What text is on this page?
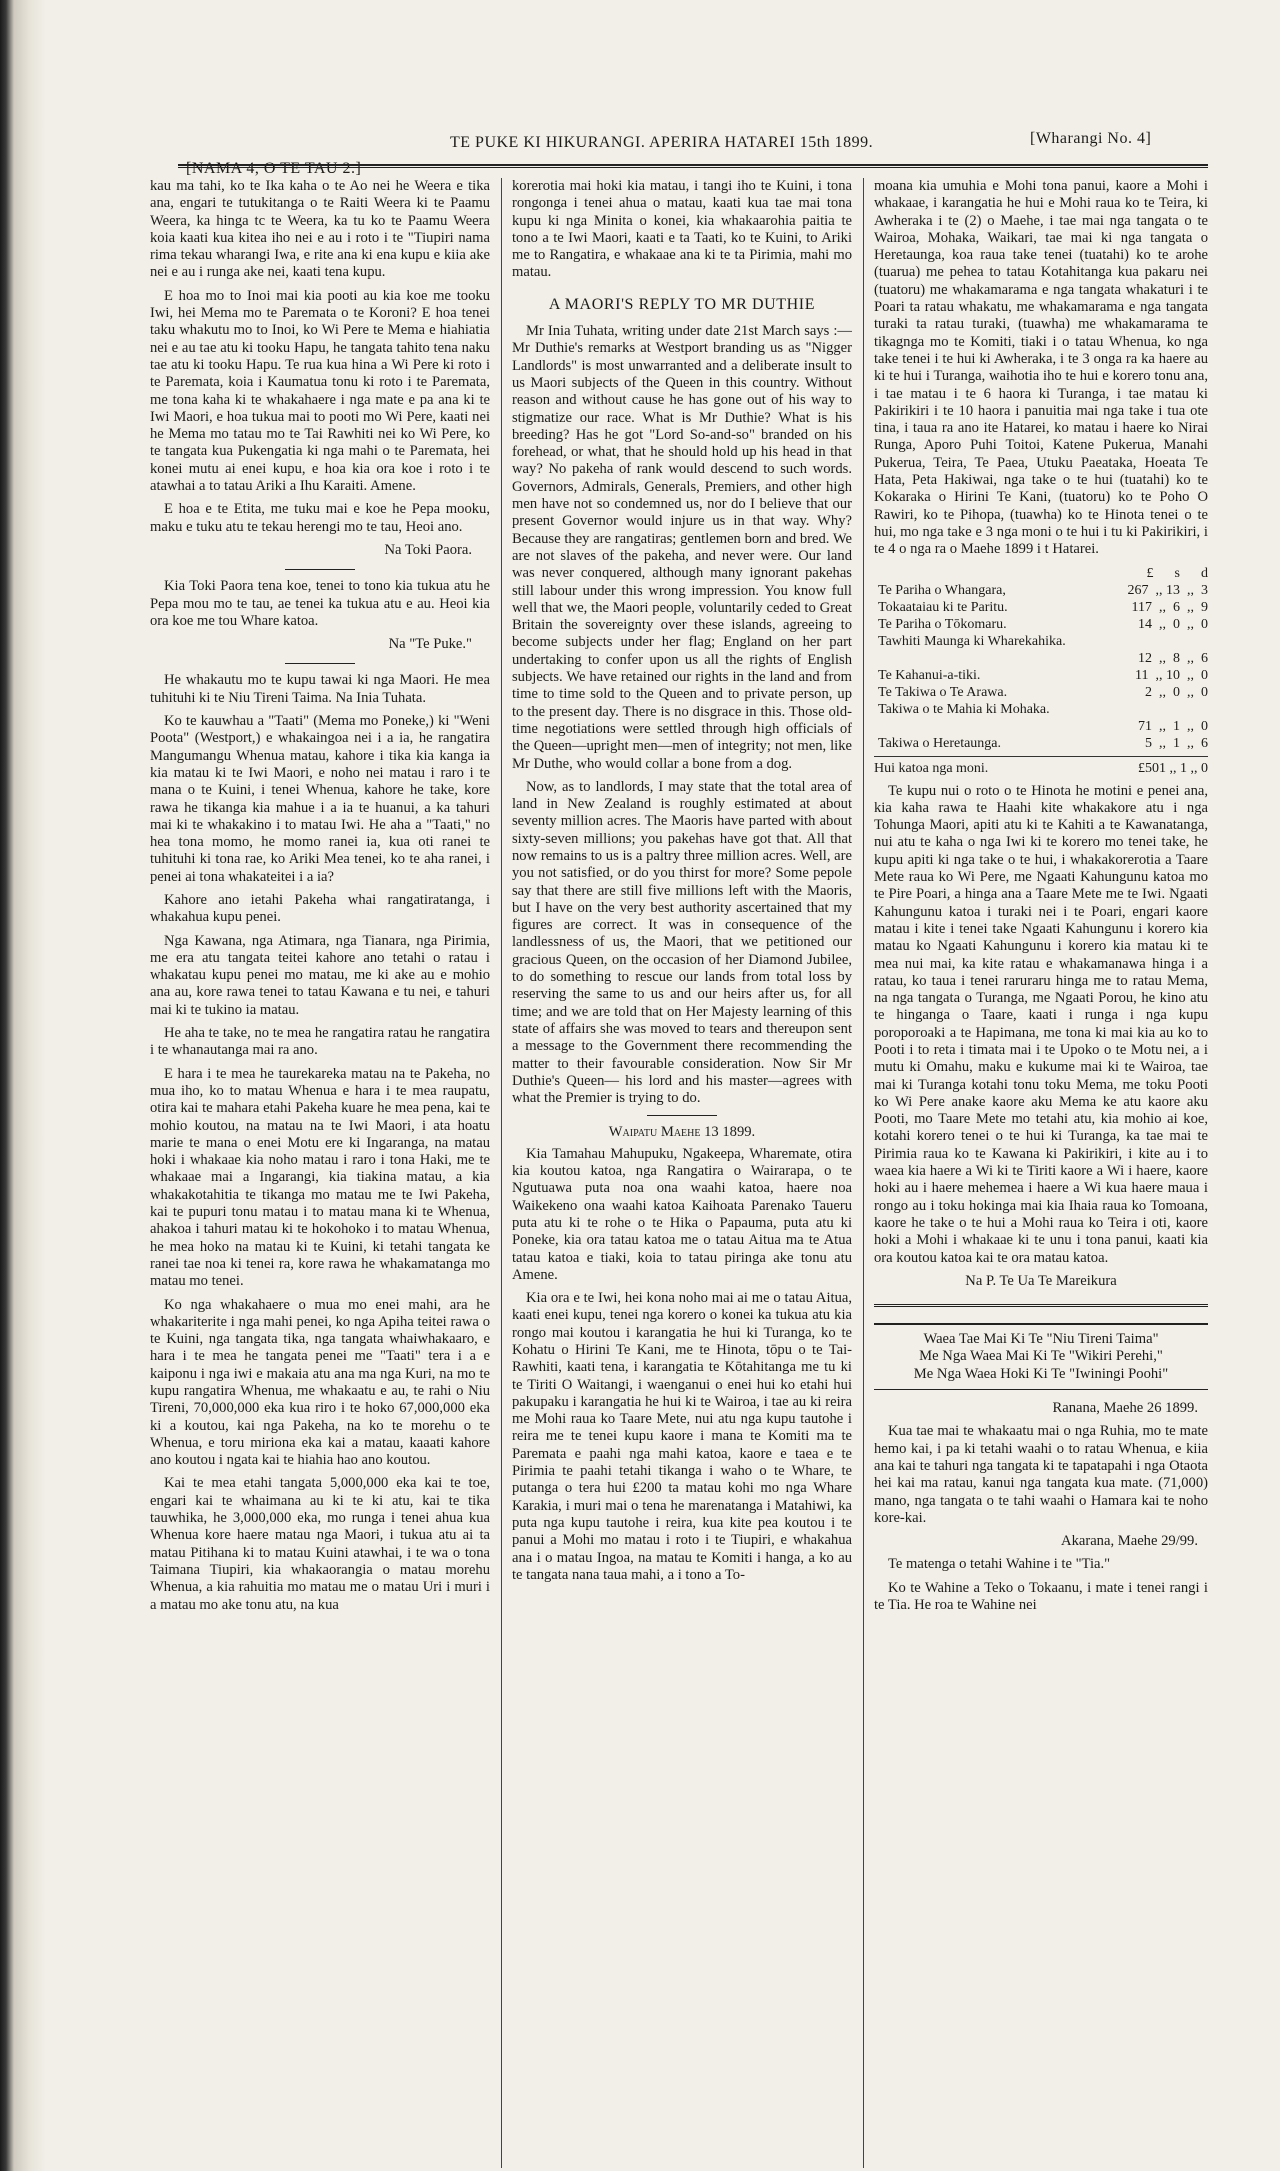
[NAMA 4, O TE TAU 2.]
TE PUKE KI HIKURANGI. APERIRA HATAREI 15th 1899.	[Wharangi No. 4]

kau ma tahi, ko te Ika kaha o te Ao nei he Weera e tika ana, engari te tutukitanga o te Raiti Weera ki te Paamu Weera, ka hinga tc te Weera, ka tu ko te Paamu Weera koia kaati kua kitea iho nei e au i roto i te "Tiupiri nama rima tekau wharangi Iwa, e rite ana ki ena kupu e kiia ake nei e au i runga ake nei, kaati tena kupu.

E hoa mo to Inoi mai kia pooti au kia koe me tooku Iwi, hei Mema mo te Paremata o te Koroni? E hoa tenei taku whakutu mo to Inoi, ko Wi Pere te Mema e hiahiatia nei e au tae atu ki tooku Hapu, he tangata tahito tena naku tae atu ki tooku Hapu. Te rua kua hina a Wi Pere ki roto i te Paremata, koia i Kaumatua tonu ki roto i te Paremata, me tona kaha ki te whakahaere i nga mate e pa ana ki te Iwi Maori, e hoa tukua mai to pooti mo Wi Pere, kaati nei he Mema mo tatau mo te Tai Rawhiti nei ko Wi Pere, ko te tangata kua Pukengatia ki nga mahi o te Paremata, hei konei mutu ai enei kupu, e hoa kia ora koe i roto i te atawhai a to tatau Ariki a Ihu Karaiti. Amene.

E hoa e te Etita, me tuku mai e koe he Pepa mooku, maku e tuku atu te tekau herengi mo te tau, Heoi ano.

Na Toki Paora.

Kia Toki Paora tena koe, tenei to tono kia tukua atu he Pepa mou mo te tau, ae tenei ka tukua atu e au. Heoi kia ora koe me tou Whare katoa.

Na "Te Puke."

He whakautu mo te kupu tawai ki nga Maori. He mea tuhituhi ki te Niu Tireni Taima. Na Inia Tuhata.

Ko te kauwhau a "Taati" (Mema mo Poneke,) ki "Weni Poota" (Westport,) e whakaingoa nei i a ia, he rangatira Mangumangu Whenua matau, kahore i tika kia kanga ia kia matau ki te Iwi Maori, e noho nei matau i raro i te mana o te Kuini, i tenei Whenua, kahore he take, kore rawa he tikanga kia mahue i a ia te huanui, a ka tahuri mai ki te whakakino i to matau Iwi. He aha a "Taati," no hea tona momo, he momo ranei ia, kua oti ranei te tuhituhi ki tona rae, ko Ariki Mea tenei, ko te aha ranei, i penei ai tona whakateitei i a ia?

Kahore ano ietahi Pakeha whai rangatiratanga, i whakahua kupu penei.

Nga Kawana, nga Atimara, nga Tianara, nga Pirimia, me era atu tangata teitei kahore ano tetahi o ratau i whakatau kupu penei mo matau, me ki ake au e mohio ana au, kore rawa tenei to tatau Kawana e tu nei, e tahuri mai ki te tukino ia matau.

He aha te take, no te mea he rangatira ratau he rangatira i te whanautanga mai ra ano.

E hara i te mea he taurekareka matau na te Pakeha, no mua iho, ko to matau Whenua e hara i te mea raupatu, otira kai te mahara etahi Pakeha kuare he mea pena, kai te mohio koutou, na matau na te Iwi Maori, i ata hoatu marie te mana o enei Motu ere ki Ingaranga, na matau hoki i whakaae kia noho matau i raro i tona Haki, me te whakaae mai a Ingarangi, kia tiakina matau, a kia whakakotahitia te tikanga mo matau me te Iwi Pakeha, kai te pupuri tonu matau i to matau mana ki te Whenua, ahakoa i tahuri matau ki te hokohoko i to matau Whenua, he mea hoko na matau ki te Kuini, ki tetahi tangata ke ranei tae noa ki tenei ra, kore rawa he whakamatanga mo matau mo tenei.

Ko nga whakahaere o mua mo enei mahi, ara he whakariterite i nga mahi penei, ko nga Apiha teitei rawa o te Kuini, nga tangata tika, nga tangata whaiwhakaaro, e hara i te mea he tangata penei me "Taati" tera i a e kaiponu i nga iwi e makaia atu ana ma nga Kuri, na mo te kupu rangatira Whenua, me whakaatu e au, te rahi o Niu Tireni, 70,000,000 eka kua riro i te hoko 67,000,000 eka ki a koutou, kai nga Pakeha, na ko te morehu o te Whenua, e toru miriona eka kai a matau, kaaati kahore ano koutou i ngata kai te hiahia hao ano koutou.

Kai te mea etahi tangata 5,000,000 eka kai te toe, engari kai te whaimana au ki te ki atu, kai te tika tauwhika, he 3,000,000 eka, mo runga i tenei ahua kua Whenua kore haere matau nga Maori, i tukua atu ai ta matau Pitihana ki to matau Kuini atawhai, i te wa o tona Taimana Tiupiri, kia whakaorangia o matau morehu Whenua, a kia rahuitia mo matau me o matau Uri i muri i a matau mo ake tonu atu, na kua

korerotia mai hoki kia matau, i tangi iho te Kuini, i tona rongonga i tenei ahua o matau, kaati kua tae mai tona kupu ki nga Minita o konei, kia whakaarohia paitia te tono a te Iwi Maori, kaati e ta Taati, ko te Kuini, to Ariki me to Rangatira, e whakaae ana ki te ta Pirimia, mahi mo matau.

A MAORI'S REPLY TO MR DUTHIE

Mr Inia Tuhata, writing under date 21st March says :—Mr Duthie's remarks at Westport branding us as "Nigger Landlords" is most unwarranted and a deliberate insult to us Maori subjects of the Queen in this country. Without reason and without cause he has gone out of his way to stigmatize our race. What is Mr Duthie? What is his breeding? Has he got "Lord So-and-so" branded on his forehead, or what, that he should hold up his head in that way? No pakeha of rank would descend to such words. Governors, Admirals, Generals, Premiers, and other high men have not so condemned us, nor do I believe that our present Governor would injure us in that way. Why? Because they are rangatiras; gentlemen born and bred. We are not slaves of the pakeha, and never were. Our land was never conquered, although many ignorant pakehas still labour under this wrong impression. You know full well that we, the Maori people, voluntarily ceded to Great Britain the sovereignty over these islands, agreeing to become subjects under her flag; England on her part undertaking to confer upon us all the rights of English subjects. We have retained our rights in the land and from time to time sold to the Queen and to private person, up to the present day. There is no disgrace in this. Those old-time negotiations were settled through high officials of the Queen—upright men—men of integrity; not men, like Mr Duthe, who would collar a bone from a dog.

Now, as to landlords, I may state that the total area of land in New Zealand is roughly estimated at about seventy million acres. The Maoris have parted with about sixty-seven millions; you pakehas have got that. All that now remains to us is a paltry three million acres. Well, are you not satisfied, or do you thirst for more? Some pepole say that there are still five millions left with the Maoris, but I have on the very best authority ascertained that my figures are correct. It was in consequence of the landlessness of us, the Maori, that we petitioned our gracious Queen, on the occasion of her Diamond Jubilee, to do something to rescue our lands from total loss by reserving the same to us and our heirs after us, for all time; and we are told that on Her Majesty learning of this state of affairs she was moved to tears and thereupon sent a message to the Government there recommending the matter to their favourable consideration. Now Sir Mr Duthie's Queen— his lord and his master—agrees with what the Premier is trying to do.

Waipatu Maehe 13 1899.

Kia Tamahau Mahupuku, Ngakeepa, Wharemate, otira kia koutou katoa, nga Rangatira o Wairarapa, o te Ngutuawa puta noa ona waahi katoa, haere noa Waikekeno ona waahi katoa Kaihoata Parenako Taueru puta atu ki te rohe o te Hika o Papauma, puta atu ki Poneke, kia ora tatau katoa me o tatau Aitua ma te Atua tatau katoa e tiaki, koia to tatau piringa ake tonu atu Amene.

Kia ora e te Iwi, hei kona noho mai ai me o tatau Aitua, kaati enei kupu, tenei nga korero o konei ka tukua atu kia rongo mai koutou i karangatia he hui ki Turanga, ko te Kohatu o Hirini Te Kani, me te Hinota, tōpu o te Tai-Rawhiti, kaati tena, i karangatia te Kōtahitanga me tu ki te Tiriti O Waitangi, i waenganui o enei hui ko etahi hui pakupaku i karangatia he hui ki te Wairoa, i tae au ki reira me Mohi raua ko Taare Mete, nui atu nga kupu tautohe i reira me te tenei kupu kaore i mana te Komiti ma te Paremata e paahi nga mahi katoa, kaore e taea e te Pirimia te paahi tetahi tikanga i waho o te Whare, te putanga o tera hui £200 ta matau kohi mo nga Whare Karakia, i muri mai o tena he marenatanga i Matahiwi, ka puta nga kupu tautohe i reira, kua kite pea koutou i te panui a Mohi mo matau i roto i te Tiupiri, e whakahua ana i o matau Ingoa, na matau te Komiti i hanga, a ko au te tangata nana taua mahi, a i tono a To-

moana kia umuhia e Mohi tona panui, kaore a Mohi i whakaae, i karangatia he hui e Mohi raua ko te Teira, ki Awheraka i te (2) o Maehe, i tae mai nga tangata o te Wairoa, Mohaka, Waikari, tae mai ki nga tangata o Heretaunga, koa raua take tenei (tuatahi) ko te arohe (tuarua) me pehea to tatau Kotahitanga kua pakaru nei (tuatoru) me whakamarama e nga tangata whakaturi i te Poari ta ratau whakatu, me whakamarama e nga tangata turaki ta ratau turaki, (tuawha) me whakamarama te tikagnga mo te Komiti, tiaki i o tatau Whenua, ko nga take tenei i te hui ki Awheraka, i te 3 onga ra ka haere au ki te hui i Turanga, waihotia iho te hui e korero tonu ana, i tae matau i te 6 haora ki Turanga, i tae matau ki Pakirikiri i te 10 haora i panuitia mai nga take i tua ote tina, i taua ra ano ite Hatarei, ko matau i haere ko Nirai Runga, Aporo Puhi Toitoi, Katene Pukerua, Manahi Pukerua, Teira, Te Paea, Utuku Paeataka, Hoeata Te Hata, Peta Hakiwai, nga take o te hui (tuatahi) ko te Kokaraka o Hirini Te Kani, (tuatoru) ko te Poho O Rawiri, ko te Pihopa, (tuawha) ko te Hinota tenei o te hui, mo nga take e 3 nga moni o te hui i tu ki Pakirikiri, i te 4 o nga ra o Maehe 1899 i t Hatarei.

£      s      d
Te Pariha o Whangara,	267  ,, 13  ,,  3
Tokaataiau ki te Paritu.	117  ,,  6  ,,  9
Te Pariha o Tōkomaru.	14  ,,  0  ,,  0
Tawhiti Maunga ki Wharekahika.
12  ,,  8  ,,  6
Te Kahanui-a-tiki.	11  ,, 10  ,,  0
Te Takiwa o Te Arawa.	2  ,,  0  ,,  0
Takiwa o te Mahia ki Mohaka.
71  ,,  1  ,,  0
Takiwa o Heretaunga.	5  ,,  1  ,,  6
Hui katoa nga moni.	£501 ,, 1 ,, 0

Te kupu nui o roto o te Hinota he motini e penei ana, kia kaha rawa te Haahi kite whakakore atu i nga Tohunga Maori, apiti atu ki te Kahiti a te Kawanatanga, nui atu te kaha o nga Iwi ki te korero mo tenei take, he kupu apiti ki nga take o te hui, i whakakorerotia a Taare Mete raua ko Wi Pere, me Ngaati Kahungunu katoa mo te Pire Poari, a hinga ana a Taare Mete me te Iwi. Ngaati Kahungunu katoa i turaki nei i te Poari, engari kaore matau i kite i tenei take Ngaati Kahungunu i korero kia matau ko Ngaati Kahungunu i korero kia matau ki te mea nui mai, ka kite ratau e whakamanawa hinga i a ratau, ko taua i tenei raruraru hinga me to ratau Mema, na nga tangata o Turanga, me Ngaati Porou, he kino atu te hinganga o Taare, kaati i runga i nga kupu poroporoaki a te Hapimana, me tona ki mai kia au ko to Pooti i to reta i timata mai i te Upoko o te Motu nei, a i mutu ki Omahu, maku e kukume mai ki te Wairoa, tae mai ki Turanga kotahi tonu toku Mema, me toku Pooti ko Wi Pere anake kaore aku Mema ke atu kaore aku Pooti, mo Taare Mete mo tetahi atu, kia mohio ai koe, kotahi korero tenei o te hui ki Turanga, ka tae mai te Pirimia raua ko te Kawana ki Pakirikiri, i kite au i to waea kia haere a Wi ki te Tiriti kaore a Wi i haere, kaore hoki au i haere mehemea i haere a Wi kua haere maua i rongo au i toku hokinga mai kia Ihaia raua ko Tomoana, kaore he take o te hui a Mohi raua ko Teira i oti, kaore hoki a Mohi i whakaae ki te unu i tona panui, kaati kia ora koutou katoa kai te ora matau katoa.

Na P. Te Ua Te Mareikura

Waea Tae Mai Ki Te "Niu Tireni Taima"
Me Nga Waea Mai Ki Te "Wikiri Perehi,"
Me Nga Waea Hoki Ki Te "Iwiningi Poohi"

Ranana, Maehe 26 1899.

Kua tae mai te whakaatu mai o nga Ruhia, mo te mate hemo kai, i pa ki tetahi waahi o to ratau Whenua, e kiia ana kai te tahuri nga tangata ki te tapatapahi i nga Otaota hei kai ma ratau, kanui nga tangata kua mate. (71,000) mano, nga tangata o te tahi waahi o Hamara kai te noho kore-kai.

Akarana, Maehe 29/99.

Te matenga o tetahi Wahine i te "Tia."

Ko te Wahine a Teko o Tokaanu, i mate i tenei rangi i te Tia. He roa te Wahine nei
